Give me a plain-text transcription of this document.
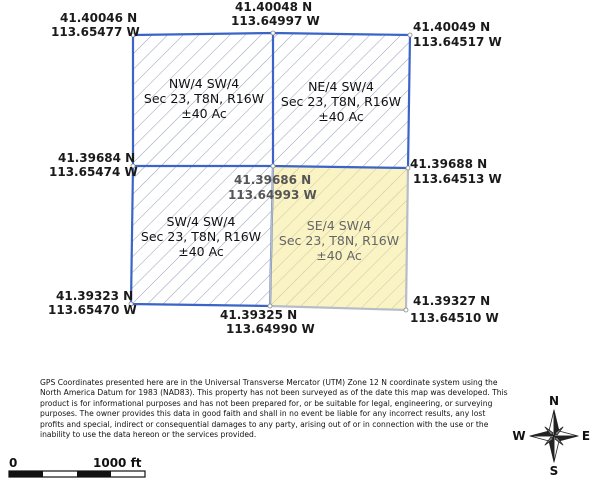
NW/4 SW/4
Sec 23, T8N, R16W
±40 Ac
NE/4 SW/4
Sec 23, T8N, R16W
±40 Ac
SW/4 SW/4
Sec 23, T8N, R16W
±40 Ac
SE/4 SW/4
Sec 23, T8N, R16W
±40 Ac
41.40046 N
113.65477 W
41.40048 N
113.64997 W	41.40049 N
113.64517 W
41.39684 N
113.65474 W
41.39686 N
113.64993 W
41.39688 N
113.64513 W
41.39323 N
113.65470 W	41.39325 N
113.64990 W
41.39327 N
113.64510 W
0	1000 ft
N
S
E
W
GPS Coordinates presented here are in the Universal Transverse Mercator (UTM) Zone 12 N coordinate system using the North America Datum for 1983 (NAD83). This property has not been surveyed as of the date this map was developed. This product is for informational purposes and has not been prepared for, or be suitable for legal, engineering, or surveying purposes. The owner provides this data in good faith and shall in no event be liable for any incorrect results, any lost profits and special, indirect or consequential damages to any party, arising out of or in connection with the use or the inability to use the data hereon or the services provided.
